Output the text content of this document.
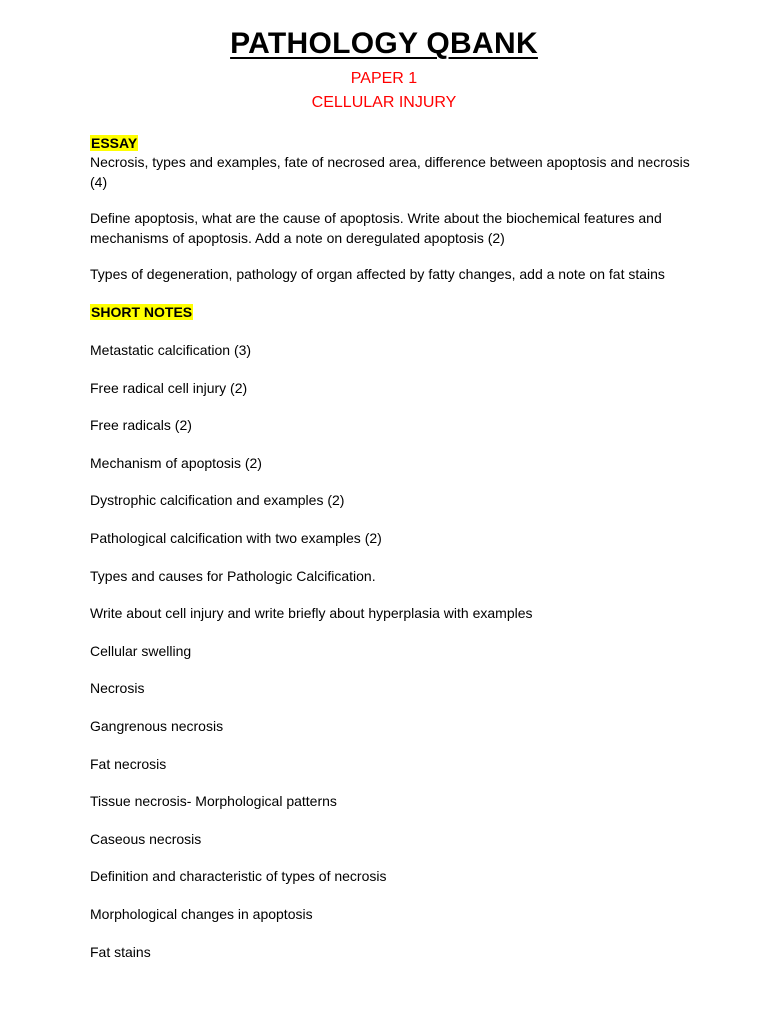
PATHOLOGY QBANK
PAPER 1
CELLULAR INJURY
ESSAY
Necrosis, types and examples, fate of necrosed area, difference between apoptosis and necrosis (4)
Define apoptosis, what are the cause of apoptosis. Write about the biochemical features and mechanisms of apoptosis. Add a note on deregulated apoptosis (2)
Types of degeneration, pathology of organ affected by fatty changes, add a note on fat stains
SHORT NOTES
Metastatic calcification (3)
Free radical cell injury (2)
Free radicals (2)
Mechanism of apoptosis (2)
Dystrophic calcification and examples (2)
Pathological calcification with two examples (2)
Types and causes for Pathologic Calcification.
Write about cell injury and write briefly about hyperplasia with examples
Cellular swelling
Necrosis
Gangrenous necrosis
Fat necrosis
Tissue necrosis- Morphological patterns
Caseous necrosis
Definition and characteristic of types of necrosis
Morphological changes in apoptosis
Fat stains
